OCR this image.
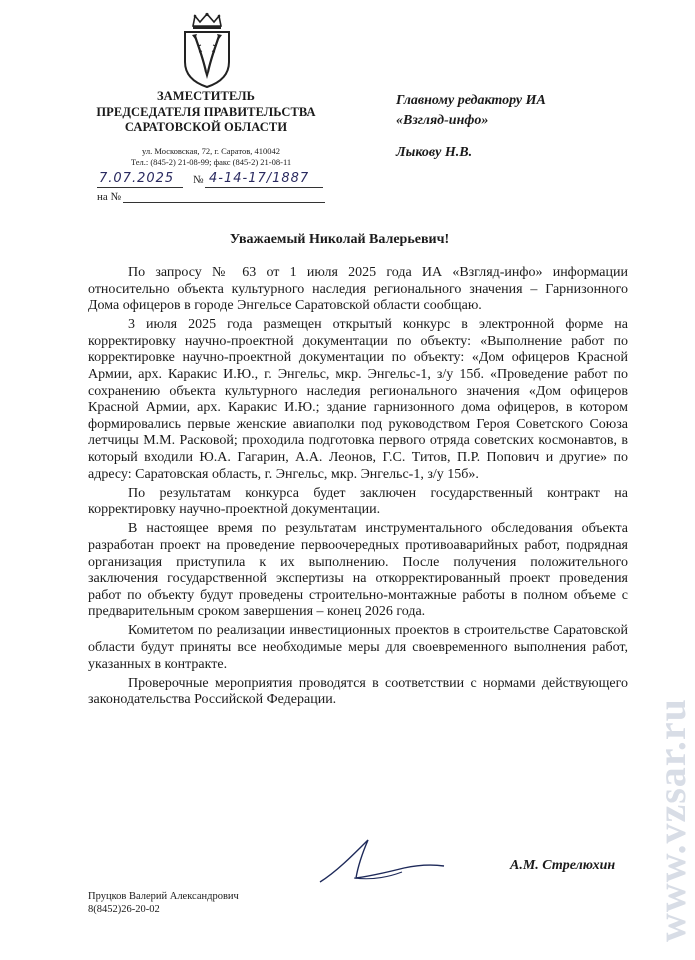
ЗАМЕСТИТЕЛЬ
ПРЕДСЕДАТЕЛЯ ПРАВИТЕЛЬСТВА
САРАТОВСКОЙ ОБЛАСТИ
ул. Московская, 72, г. Саратов, 410042
Тел.: (845-2) 21-08-99; факс (845-2) 21-08-11
7.07.2025 № 4-14-17/1887
на №
Главному редактору ИА
«Взгляд-инфо»
Лыкову Н.В.
Уважаемый Николай Валерьевич!

По запросу № 63 от 1 июля 2025 года ИА «Взгляд-инфо» информации относительно объекта культурного наследия регионального значения – Гарнизонного Дома офицеров в городе Энгельсе Саратовской области сообщаю.

3 июля 2025 года размещен открытый конкурс в электронной форме на корректировку научно-проектной документации по объекту: «Выполнение работ по корректировке научно-проектной документации по объекту: «Дом офицеров Красной Армии, арх. Каракис И.Ю., г. Энгельс, мкр. Энгельс-1, з/у 15б. «Проведение работ по сохранению объекта культурного наследия регионального значения «Дом офицеров Красной Армии, арх. Каракис И.Ю.; здание гарнизонного дома офицеров, в котором формировались первые женские авиаполки под руководством Героя Советского Союза летчицы М.М. Расковой; проходила подготовка первого отряда советских космонавтов, в который входили Ю.А. Гагарин, А.А. Леонов, Г.С. Титов, П.Р. Попович и другие» по адресу: Саратовская область, г. Энгельс, мкр. Энгельс-1, з/у 15б».

По результатам конкурса будет заключен государственный контракт на корректировку научно-проектной документации.

В настоящее время по результатам инструментального обследования объекта разработан проект на проведение первоочередных противоаварийных работ, подрядная организация приступила к их выполнению. После получения положительного заключения государственной экспертизы на откорректированный проект проведения работ по объекту будут проведены строительно-монтажные работы в полном объеме с предварительным сроком завершения – конец 2026 года.

Комитетом по реализации инвестиционных проектов в строительстве Саратовской области будут приняты все необходимые меры для своевременного выполнения работ, указанных в контракте.

Проверочные мероприятия проводятся в соответствии с нормами действующего законодательства Российской Федерации.

А.М. Стрелюхин
Пруцков Валерий Александрович
8(8452)26-20-02	www.vzsar.ru
